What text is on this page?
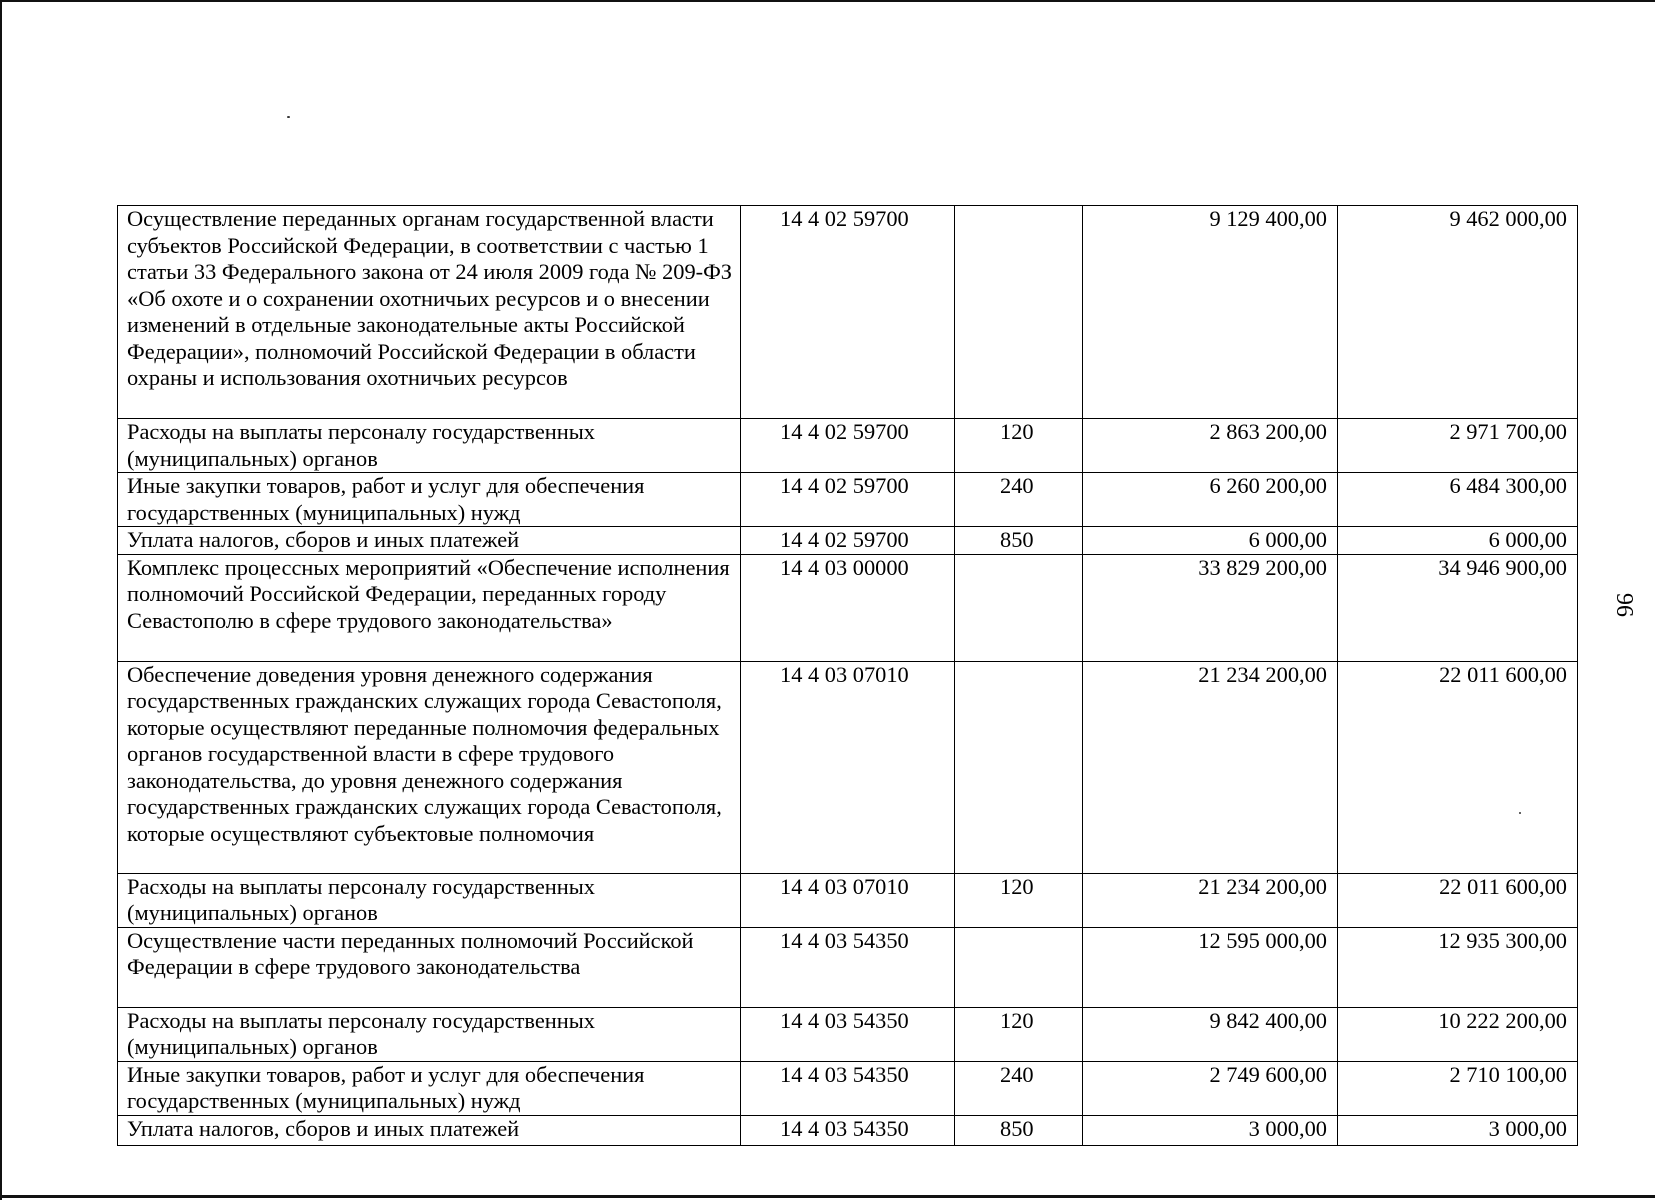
96
Осуществление переданных органам государственной власти субъектов Российской Федерации, в соответствии с частью 1 статьи 33 Федерального закона от 24 июля 2009 года № 209-ФЗ «Об охоте и о сохранении охотничьих ресурсов и о внесении изменений в отдельные законодательные акты Российской Федерации», полномочий Российской Федерации в области охраны и использования охотничьих ресурсов	14 4 02 59700		9 129 400,00	9 462 000,00
Расходы на выплаты персоналу государственных (муниципальных) органов	14 4 02 59700	120	2 863 200,00	2 971 700,00
Иные закупки товаров, работ и услуг для обеспечения государственных (муниципальных) нужд	14 4 02 59700	240	6 260 200,00	6 484 300,00
Уплата налогов, сборов и иных платежей	14 4 02 59700	850	6 000,00	6 000,00
Комплекс процессных мероприятий «Обеспечение исполнения полномочий Российской Федерации, переданных городу Севастополю в сфере трудового законодательства»	14 4 03 00000		33 829 200,00	34 946 900,00
Обеспечение доведения уровня денежного содержания государственных гражданских служащих города Севастополя, которые осуществляют переданные полномочия федеральных органов государственной власти в сфере трудового законодательства, до уровня денежного содержания государственных гражданских служащих города Севастополя, которые осуществляют субъектовые полномочия	14 4 03 07010		21 234 200,00	22 011 600,00
Расходы на выплаты персоналу государственных (муниципальных) органов	14 4 03 07010	120	21 234 200,00	22 011 600,00
Осуществление части переданных полномочий Российской Федерации в сфере трудового законодательства	14 4 03 54350		12 595 000,00	12 935 300,00
Расходы на выплаты персоналу государственных (муниципальных) органов	14 4 03 54350	120	9 842 400,00	10 222 200,00
Иные закупки товаров, работ и услуг для обеспечения государственных (муниципальных) нужд	14 4 03 54350	240	2 749 600,00	2 710 100,00
Уплата налогов, сборов и иных платежей	14 4 03 54350	850	3 000,00	3 000,00
